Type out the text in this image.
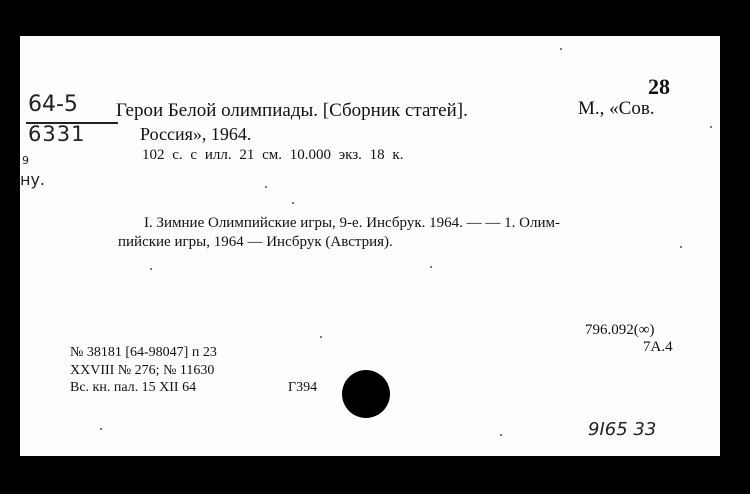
28
64-5
6331
9
ну.
Герои Белой олимпиады. [Сборник статей].	М., «Сов.
Россия», 1964.
102 с. с илл. 21 см. 10.000 экз. 18 к.
I. Зимние Олимпийские игры, 9-е. Инсбрук. 1964. — — 1. Олим-
пийские игры, 1964 — Инсбрук (Австрия).
796.092(∞)
7А.4
№ 38181 [64-98047] п 23
XXVIII № 276; № 11630
Вс. кн. пал. 15 XII 64	Г394
9I65 33
